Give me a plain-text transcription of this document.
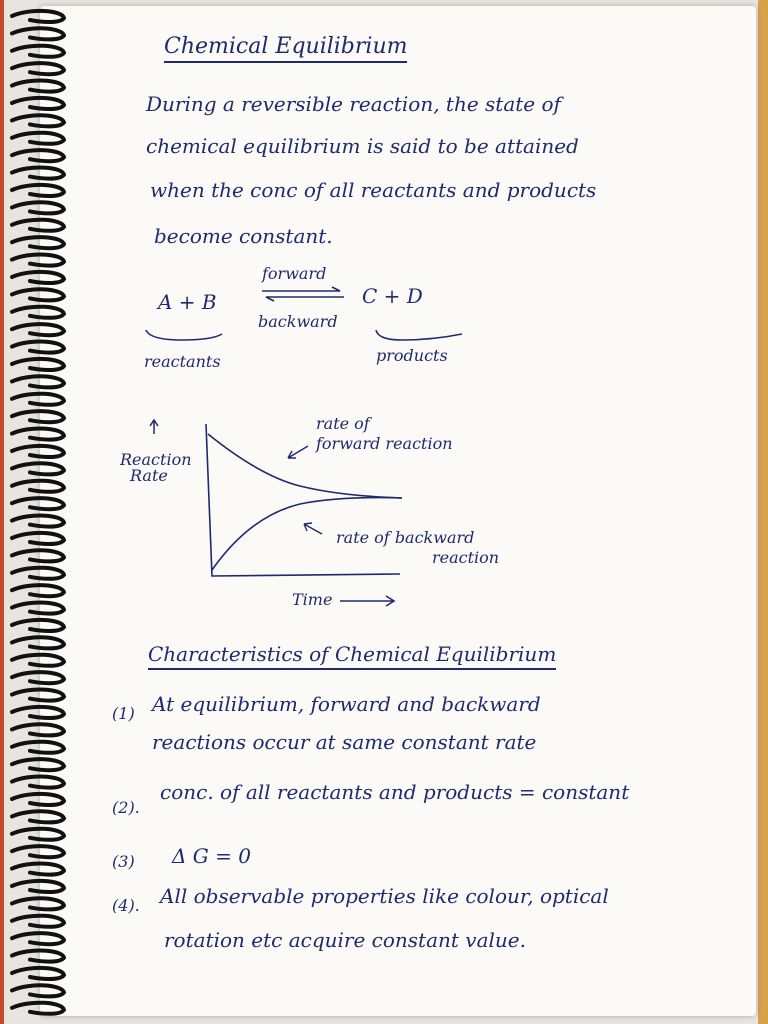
Chemical Equilibrium
During a reversible reaction, the state of
chemical equilibrium is said to be attained
when the conc of all reactants and products
become constant.
A + B
forward
backward
C + D
reactants	products
Reaction
Rate
rate of
forward reaction
rate of backward
reaction
Time
Characteristics of Chemical Equilibrium
(1) At equilibrium, forward and backward
reactions occur at same constant rate
(2).
conc. of all reactants and products = constant
(3) Δ G = 0
(4). All observable properties like colour, optical
rotation etc acquire constant value.
